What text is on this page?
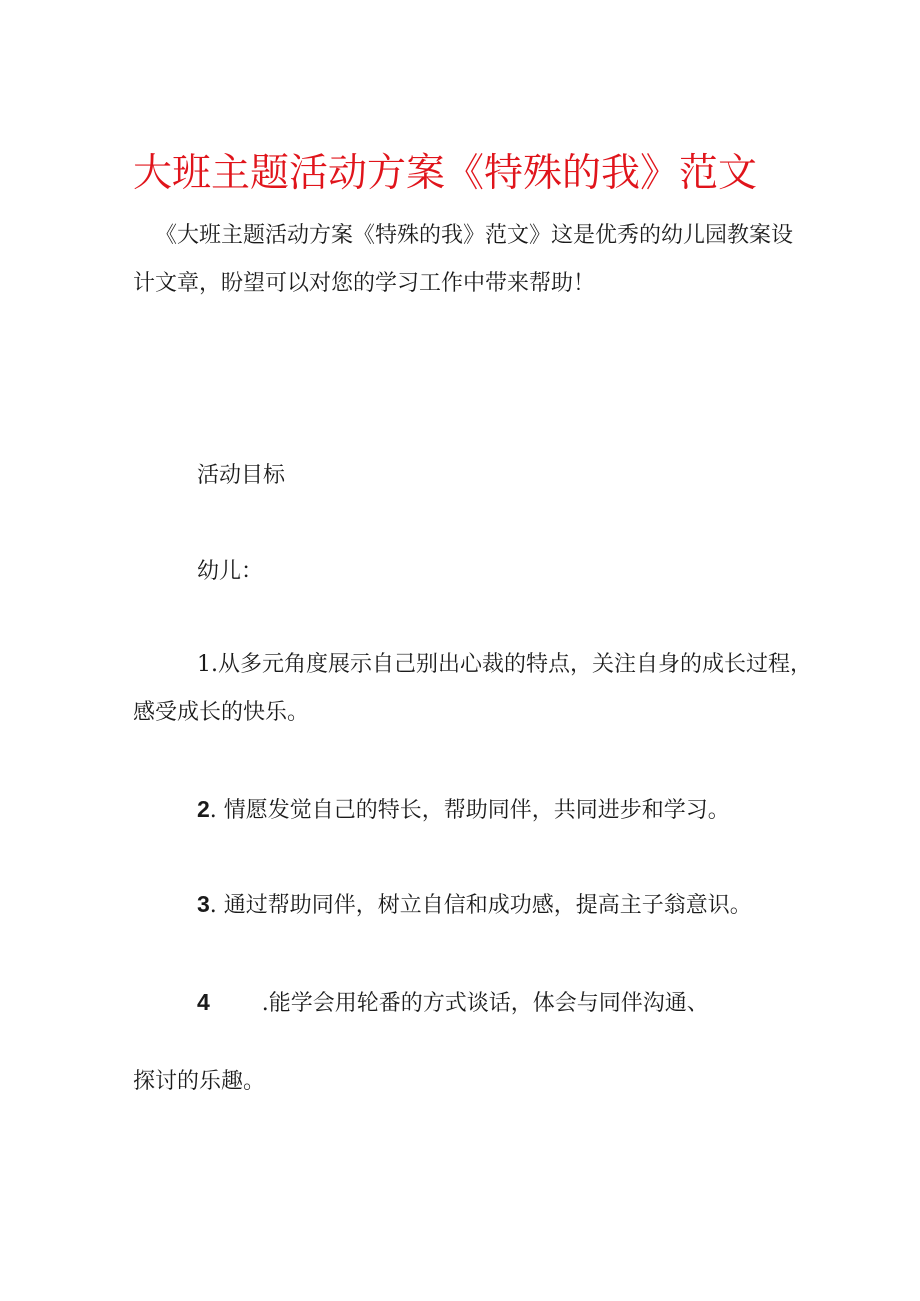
大班主题活动方案《特殊的我》范文

《大班主题活动方案《特殊的我》范文》这是优秀的幼儿园教案设计文章，盼望可以对您的学习工作中带来帮助！

活动目标

幼儿：

1.从多元角度展示自己别出心裁的特点，关注自身的成长过程，感受成长的快乐。

2. 情愿发觉自己的特长，帮助同伴，共同进步和学习。

3. 通过帮助同伴，树立自信和成功感，提高主子翁意识。

4 .能学会用轮番的方式谈话，体会与同伴沟通、

探讨的乐趣。
